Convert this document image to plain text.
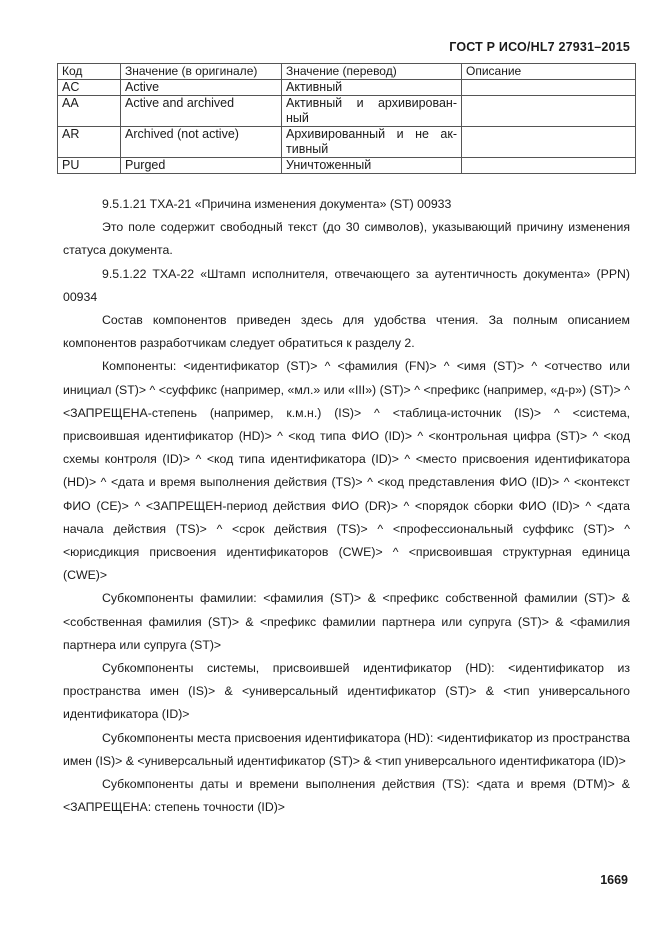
ГОСТ Р ИСО/HL7 27931–2015
Код	Значение (в оригинале)	Значение (перевод)	Описание
AC	Active	Активный	

AA	Active and archived	Активный и архивирован-
ный	

AR	Archived (not active)	Архивированный и не ак-
тивный	

PU	Purged	Уничтоженный	

9.5.1.21 TXA-21 «Причина изменения документа» (ST) 00933

Это поле содержит свободный текст (до 30 символов), указывающий причину изменения статуса документа.

9.5.1.22 TXA-22 «Штамп исполнителя, отвечающего за аутентичность документа» (PPN) 00934

Состав компонентов приведен здесь для удобства чтения. За полным описанием компонентов разработчикам следует обратиться к разделу 2.

Компоненты: <идентификатор (ST)> ^ <фамилия (FN)> ^ <имя (ST)> ^ <отчество или инициал (ST)> ^ <суффикс (например, «мл.» или «III») (ST)> ^ <префикс (например, «д-р») (ST)> ^ <ЗАПРЕЩЕНА-степень (например, к.м.н.) (IS)> ^ <таблица-источник (IS)> ^ <система, присвоившая идентификатор (HD)> ^ <код типа ФИО (ID)> ^ <контрольная цифра (ST)> ^ <код схемы контроля (ID)> ^ <код типа идентификатора (ID)> ^ <место присвоения идентификатора (HD)> ^ <дата и время выполнения действия (TS)> ^ <код представления ФИО (ID)> ^ <контекст ФИО (CE)> ^ <ЗАПРЕЩЕН-период действия ФИО (DR)> ^ <порядок сборки ФИО (ID)> ^ <дата начала действия (TS)> ^ <срок действия (TS)> ^ <профессиональный суффикс (ST)> ^ <юрисдикция присвоения идентификаторов (CWE)> ^ <присвоившая структурная единица (CWE)>

Субкомпоненты фамилии: <фамилия (ST)> & <префикс собственной фамилии (ST)> & <собственная фамилия (ST)> & <префикс фамилии партнера или супруга (ST)> & <фамилия партнера или супруга (ST)>

Субкомпоненты системы, присвоившей идентификатор (HD): <идентификатор из пространства имен (IS)> & <универсальный идентификатор (ST)> & <тип универсального идентификатора (ID)>

Субкомпоненты места присвоения идентификатора (HD): <идентификатор из пространства имен (IS)> & <универсальный идентификатор (ST)> & <тип универсального идентификатора (ID)>

Субкомпоненты даты и времени выполнения действия (TS): <дата и время (DTM)> & <ЗАПРЕЩЕНА: степень точности (ID)>

1669
